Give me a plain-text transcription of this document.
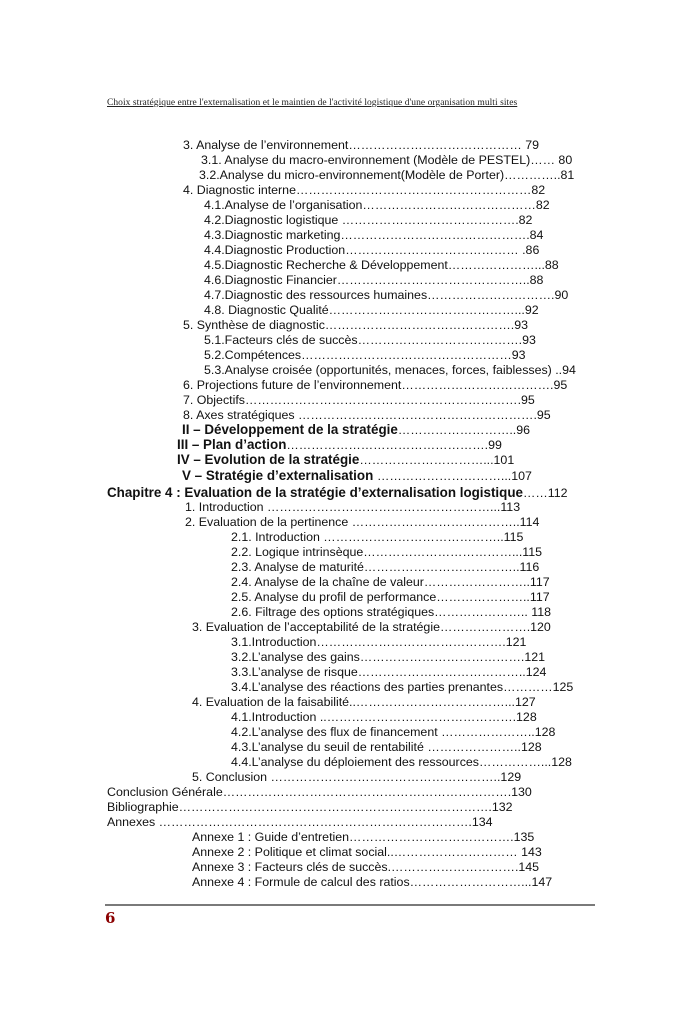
Choix stratégique entre l'externalisation et le maintien de l'activité logistique d'une organisation multi sites
3. Analyse de l’environnement…………………………………… 79
3.1. Analyse du macro-environnement (Modèle de PESTEL)…… 80
3.2.Analyse du micro-environnement(Modèle de Porter)…………..81
4. Diagnostic interne…………………………………………………82
4.1.Analyse de l’organisation……………………………………82
4.2.Diagnostic logistique …………………………………….82
4.3.Diagnostic marketing……………………………………….84
4.4.Diagnostic Production…………………………………… .86
4.5.Diagnostic Recherche & Développement…………………...88
4.6.Diagnostic Financier………………………………………..88
4.7.Diagnostic des ressources humaines………………………….90
4.8. Diagnostic Qualité………………………………………...92
5. Synthèse de diagnostic……………………………………….93
5.1.Facteurs clés de succès………………………………….93
5.2.Compétences……………………………………………93
5.3.Analyse croisée (opportunités, menaces, forces, faiblesses) ..94
6. Projections future de l’environnement……………………………….95
7. Objectifs………………………………………………………….95
8. Axes stratégiques ………………………………………………….95
II – Développement de la stratégie………………………..96
III – Plan d’action………………………………………….99
IV – Evolution de la stratégie…………………………...101
V – Stratégie d’externalisation …………………………...107
Chapitre 4 : Evaluation de la stratégie d’externalisation logistique……112
1. Introduction ………………………………………………...113
2. Evaluation de la pertinence …………………………………..114
2.1. Introduction ……………………………………..115
2.2. Logique intrinsèque………………………………...115
2.3. Analyse de maturité………………………………..116
2.4. Analyse de la chaîne de valeur……………………..117
2.5. Analyse du profil de performance…………………..117
2.6. Filtrage des options stratégiques………………….. 118
3. Evaluation de l’acceptabilité de la stratégie………………….120
3.1.Introduction……………………………………….121
3.2.L’analyse des gains………………………………….121
3.3.L’analyse de risque…………………………………..124
3.4.L’analyse des réactions des parties prenantes…………125
4. Evaluation de la faisabilité..………………………………...127
4.1.Introduction ..……………………………………….128
4.2.L’analyse des flux de financement …………………..128
4.3.L’analyse du seuil de rentabilité …………………..128
4.4.L’analyse du déploiement des ressources……………...128
5. Conclusion ………………………………………………..129
Conclusion Générale…………………………………………………………….130
Bibliographie………………………………………………………………….132
Annexes ………………………………………………………………….134
Annexe 1 : Guide d’entretien………………………………….135
Annexe 2 : Politique et climat social..………………………… 143
Annexe 3 : Facteurs clés de succès.………………………….145
Annexe 4 : Formule de calcul des ratios………………………...147
6
